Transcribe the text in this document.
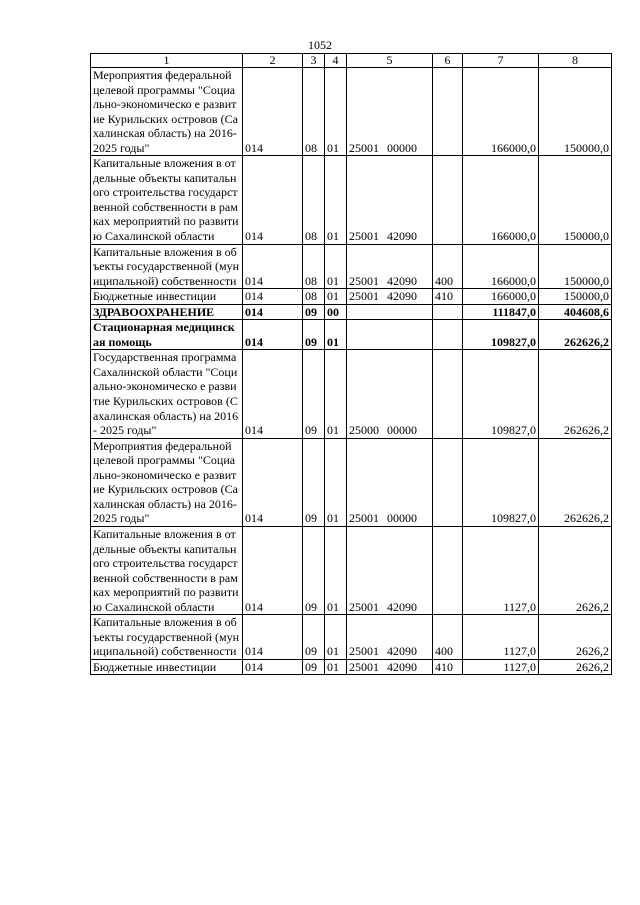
1052
1	2	3	4	5	6	7	8
Мероприятия федеральной целевой программы "Социально-экономическо е развитие Курильских островов (Сахалинская область) на 2016-2025 годы"	014	08	01	25001 00000		166000,0	150000,0
Капитальные вложения в отдельные объекты капитального строительства государственной собственности в рамках мероприятий по развитию Сахалинской области	014	08	01	25001 42090		166000,0	150000,0
Капитальные вложения в объекты государственной (муниципальной) собственности	014	08	01	25001 42090	400	166000,0	150000,0
Бюджетные инвестиции	014	08	01	25001 42090	410	166000,0	150000,0
ЗДРАВООХРАНЕНИЕ	014	09	00			111847,0	404608,6
Стационарная медицинская помощь	014	09	01			109827,0	262626,2
Государственная программа Сахалинской области "Социально-экономическо е развитие Курильских островов (Сахалинская область) на 2016 - 2025 годы"	014	09	01	25000 00000		109827,0	262626,2
Мероприятия федеральной целевой программы "Социально-экономическо е развитие Курильских островов (Сахалинская область) на 2016-2025 годы"	014	09	01	25001 00000		109827,0	262626,2
Капитальные вложения в отдельные объекты капитального строительства государственной собственности в рамках мероприятий по развитию Сахалинской области	014	09	01	25001 42090		1127,0	2626,2
Капитальные вложения в объекты государственной (муниципальной) собственности	014	09	01	25001 42090	400	1127,0	2626,2
Бюджетные инвестиции	014	09	01	25001 42090	410	1127,0	2626,2
